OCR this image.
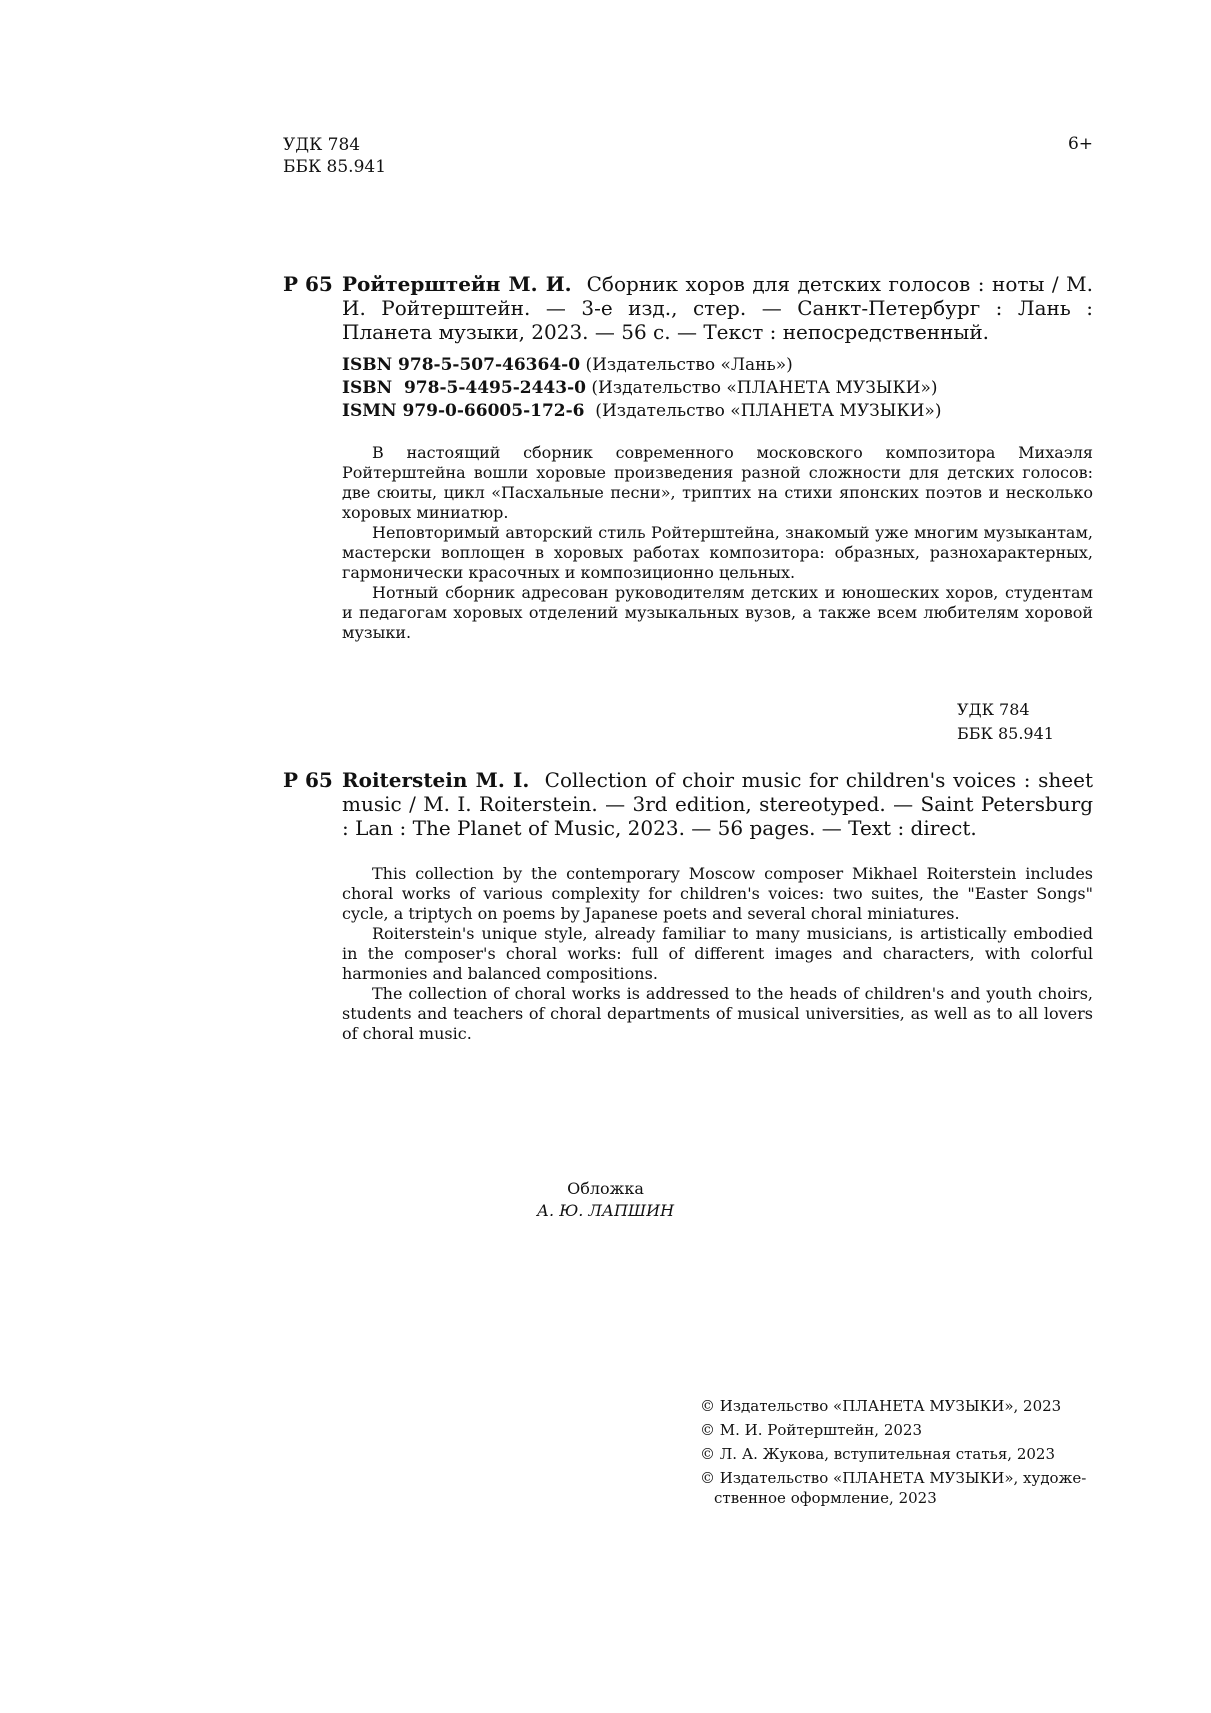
УДК 784
ББК 85.941
6+
Р 65 Ройтерштейн М. И. Сборник хоров для детских голосов : ноты / М. И. Ройтерштейн. — 3-е изд., стер. — Санкт-Петербург : Лань : Планета музыки, 2023. — 56 с. — Текст : непосредственный.
ISBN 978-5-507-46364-0 (Издательство «Лань»)
ISBN  978-5-4495-2443-0 (Издательство «ПЛАНЕТА МУЗЫКИ»)
ISMN 979-0-66005-172-6  (Издательство «ПЛАНЕТА МУЗЫКИ»)

В настоящий сборник современного московского композитора Михаэля Ройтерштейна вошли хоровые произведения разной сложности для детских голосов: две сюиты, цикл «Пасхальные песни», триптих на стихи японских поэтов и несколько хоровых миниатюр.

Неповторимый авторский стиль Ройтерштейна, знакомый уже многим музыкантам, мастерски воплощен в хоровых работах композитора: образных, разнохарактерных, гармонически красочных и композиционно цельных.

Нотный сборник адресован руководителям детских и юношеских хоров, студентам и педагогам хоровых отделений музыкальных вузов, а также всем любителям хоровой музыки.

УДК 784
ББК 85.941
Р 65 Roiterstein M. I. Collection of choir music for children's voices : sheet music / M. I. Roiterstein. — 3rd edition, stereotyped. — Saint Petersburg : Lan : The Planet of Music, 2023. — 56 pages. — Text : direct.

This collection by the contemporary Moscow composer Mikhael Roiterstein includes choral works of various complexity for children's voices: two suites, the "Easter Songs" cycle, a triptych on poems by Japanese poets and several choral miniatures.

Roiterstein's unique style, already familiar to many musicians, is artistically embodied in the composer's choral works: full of different images and characters, with colorful harmonies and balanced compositions.

The collection of choral works is addressed to the heads of children's and youth choirs, students and teachers of choral departments of musical universities, as well as to all lovers of choral music.

Обложка
А. Ю. ЛАПШИН
© Издательство «ПЛАНЕТА МУЗЫКИ», 2023
© М. И. Ройтерштейн, 2023
© Л. А. Жукова, вступительная статья, 2023
© Издательство «ПЛАНЕТА МУЗЫКИ», художе-
ственное оформление, 2023
